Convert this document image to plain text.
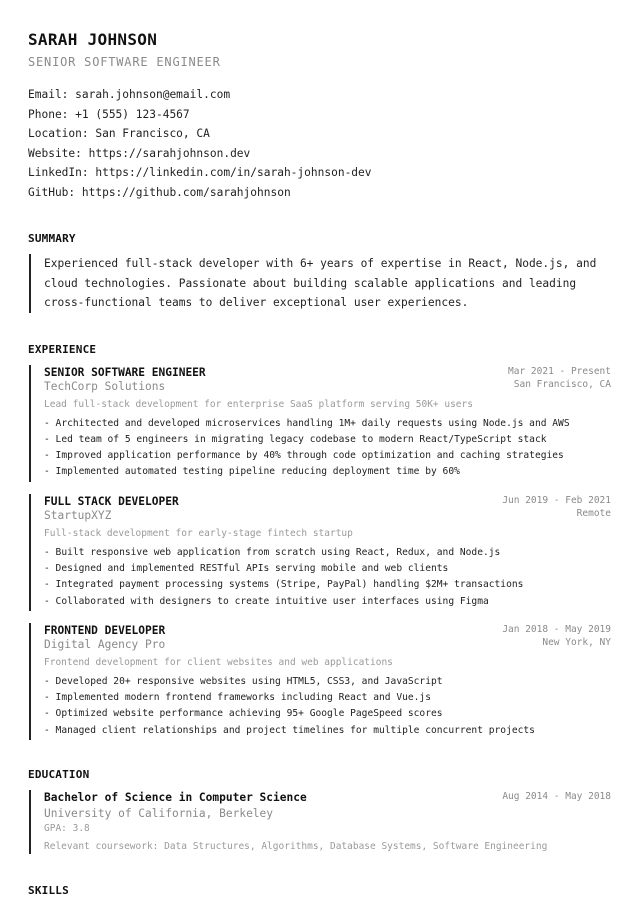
SARAH JOHNSON
SENIOR SOFTWARE ENGINEER
Email: sarah.johnson@email.com
Phone: +1 (555) 123-4567
Location: San Francisco, CA
Website: https://sarahjohnson.dev
LinkedIn: https://linkedin.com/in/sarah-johnson-dev
GitHub: https://github.com/sarahjohnson
SUMMARY

Experienced full-stack developer with 6+ years of expertise in React, Node.js, and

cloud technologies. Passionate about building scalable applications and leading

cross-functional teams to deliver exceptional user experiences.

EXPERIENCE
SENIOR SOFTWARE ENGINEER
TechCorp Solutions
Mar 2021 - Present
San Francisco, CA
Lead full-stack development for enterprise SaaS platform serving 50K+ users
- Architected and developed microservices handling 1M+ daily requests using Node.js and AWS
- Led team of 5 engineers in migrating legacy codebase to modern React/TypeScript stack
- Improved application performance by 40% through code optimization and caching strategies
- Implemented automated testing pipeline reducing deployment time by 60%
FULL STACK DEVELOPER
StartupXYZ
Jun 2019 - Feb 2021
Remote
Full-stack development for early-stage fintech startup
- Built responsive web application from scratch using React, Redux, and Node.js
- Designed and implemented RESTful APIs serving mobile and web clients
- Integrated payment processing systems (Stripe, PayPal) handling $2M+ transactions
- Collaborated with designers to create intuitive user interfaces using Figma
FRONTEND DEVELOPER
Digital Agency Pro
Jan 2018 - May 2019
New York, NY
Frontend development for client websites and web applications
- Developed 20+ responsive websites using HTML5, CSS3, and JavaScript
- Implemented modern frontend frameworks including React and Vue.js
- Optimized website performance achieving 95+ Google PageSpeed scores
- Managed client relationships and project timelines for multiple concurrent projects
EDUCATION
Bachelor of Science in Computer Science	Aug 2014 - May 2018
University of California, Berkeley
GPA: 3.8
Relevant coursework: Data Structures, Algorithms, Database Systems, Software Engineering
SKILLS
